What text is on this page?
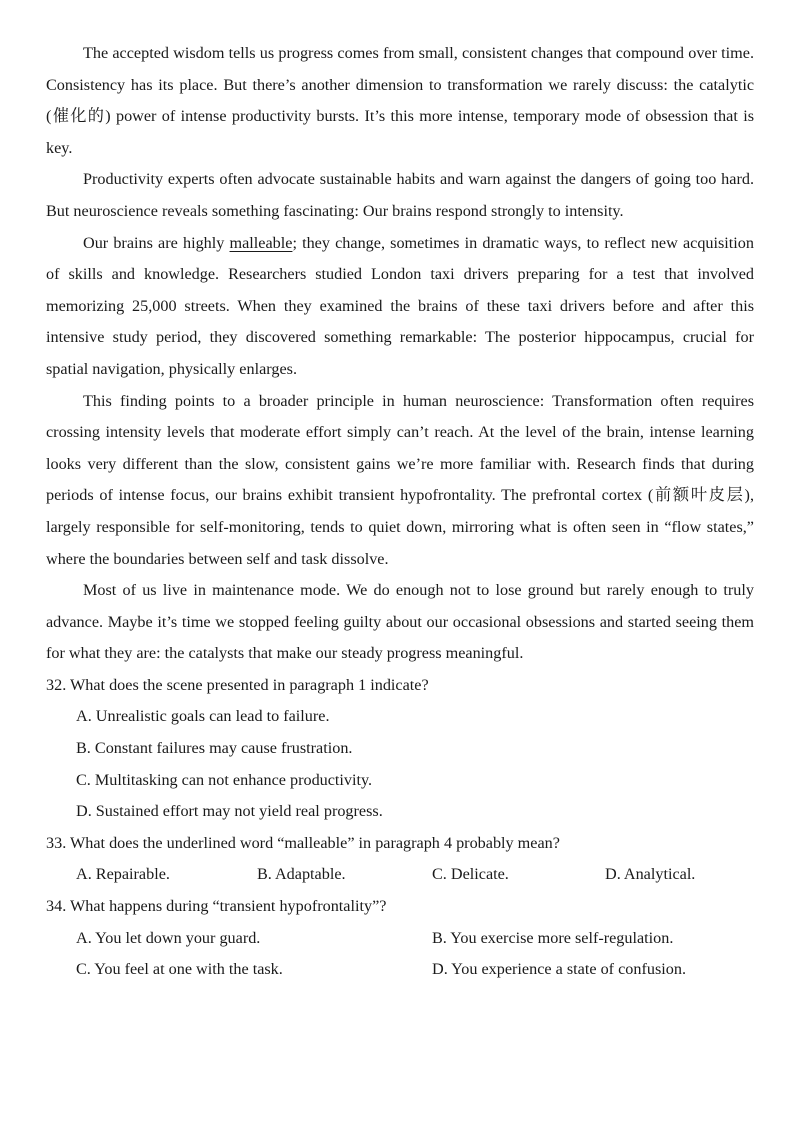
The accepted wisdom tells us progress comes from small, consistent changes that compound over time. Consistency has its place. But there’s another dimension to transformation we rarely discuss: the catalytic (催化的) power of intense productivity bursts. It’s this more intense, temporary mode of obsession that is key.

Productivity experts often advocate sustainable habits and warn against the dangers of going too hard. But neuroscience reveals something fascinating: Our brains respond strongly to intensity.

Our brains are highly malleable; they change, sometimes in dramatic ways, to reflect new acquisition of skills and knowledge. Researchers studied London taxi drivers preparing for a test that involved memorizing 25,000 streets. When they examined the brains of these taxi drivers before and after this intensive study period, they discovered something remarkable: The posterior hippocampus, crucial for spatial navigation, physically enlarges.

This finding points to a broader principle in human neuroscience: Transformation often requires crossing intensity levels that moderate effort simply can’t reach. At the level of the brain, intense learning looks very different than the slow, consistent gains we’re more familiar with. Research finds that during periods of intense focus, our brains exhibit transient hypofrontality. The prefrontal cortex (前额叶皮层), largely responsible for self-monitoring, tends to quiet down, mirroring what is often seen in “flow states,” where the boundaries between self and task dissolve.

Most of us live in maintenance mode. We do enough not to lose ground but rarely enough to truly advance. Maybe it’s time we stopped feeling guilty about our occasional obsessions and started seeing them for what they are: the catalysts that make our steady progress meaningful.

32. What does the scene presented in paragraph 1 indicate?

A. Unrealistic goals can lead to failure.
B. Constant failures may cause frustration.
C. Multitasking can not enhance productivity.
D. Sustained effort may not yield real progress.

33. What does the underlined word “malleable” in paragraph 4 probably mean?

A. Repairable.	B. Adaptable.	C. Delicate.	D. Analytical.

34. What happens during “transient hypofrontality”?

A. You let down your guard.	B. You exercise more self-regulation.
C. You feel at one with the task.	D. You experience a state of confusion.
